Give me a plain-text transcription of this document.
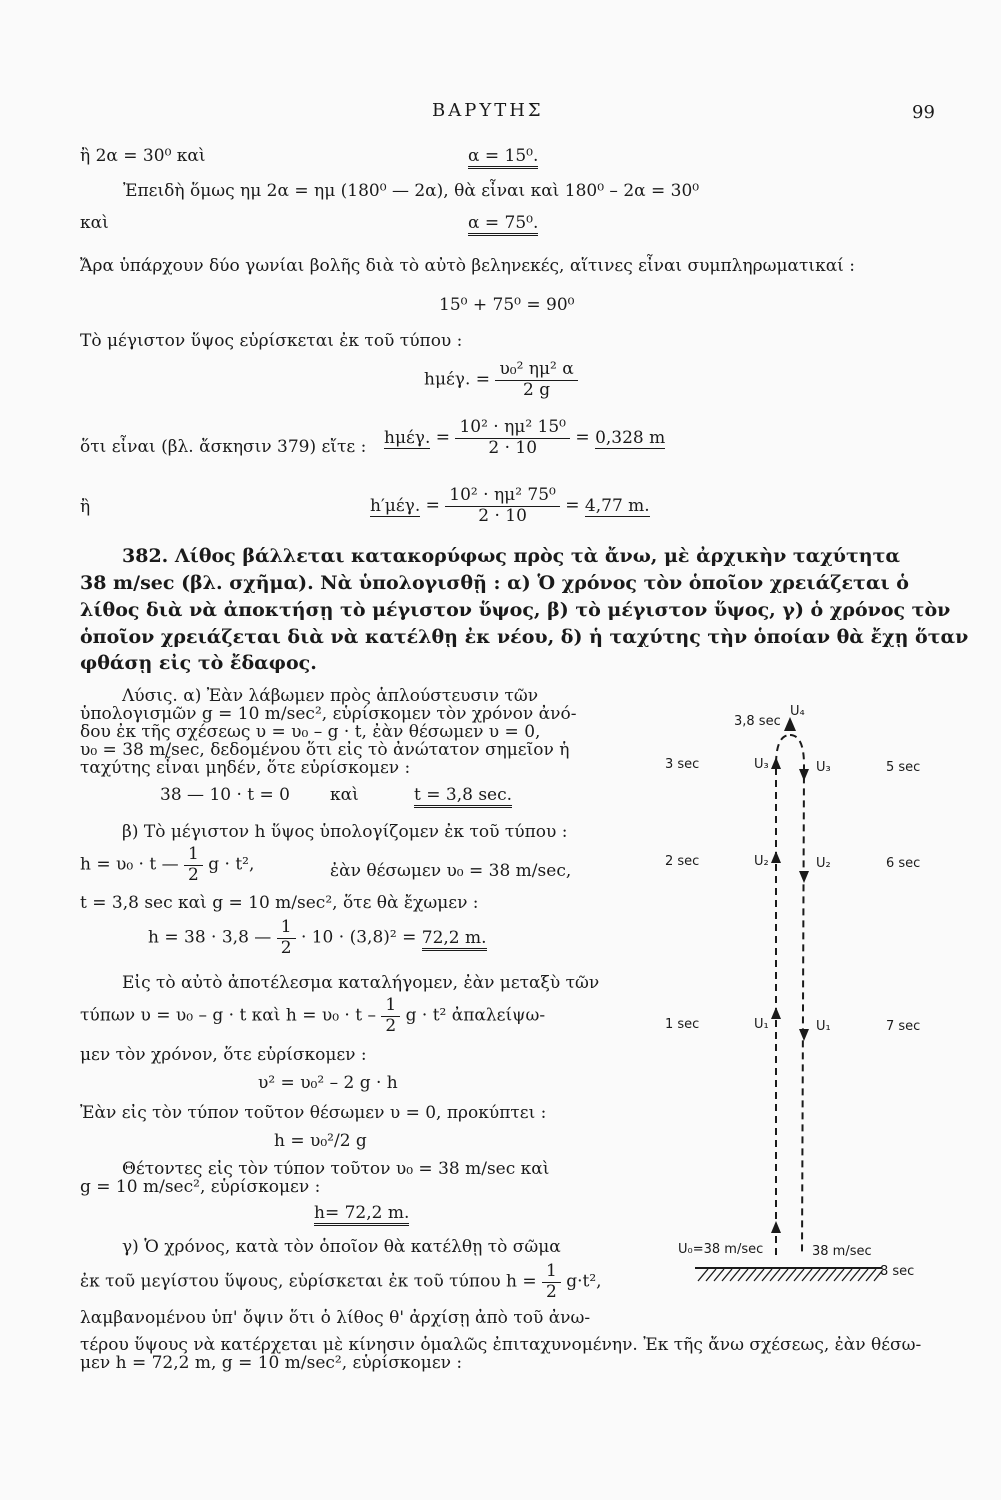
ΒΑΡΥΤΗΣ	99
ἢ 2α = 30⁰ καὶ	α = 15⁰.
Ἐπειδὴ ὅμως ημ 2α = ημ (180⁰ — 2α), θὰ εἶναι καὶ 180⁰ – 2α = 30⁰
καὶ	α = 75⁰.
Ἄρα ὑπάρχουν δύο γωνίαι βολῆς διὰ τὸ αὐτὸ βεληνεκές, αἵτινες εἶναι συμπληρωματικαί :
15⁰ + 75⁰ = 90⁰
Τὸ μέγιστον ὕψος εὑρίσκεται ἐκ τοῦ τύπου :
hμέγ. = $\frac{\text{υ₀² ημ² α}}{2 g}$
ὅτι εἶναι (βλ. ἄσκησιν 379) εἴτε : hμέγ. = $\frac{\text{10² · ημ² 15⁰}}{2 \cdot 10} = 0,328$ m
ἢ	h′μέγ. = $\frac{\text{10² · ημ² 75⁰}}{2 \cdot 10} = 4,77$ m.
382. Λίθος βάλλεται κατακορύφως πρὸς τὰ ἄνω, μὲ ἀρχικὴν ταχύτητα
38 m/sec (βλ. σχῆμα). Νὰ ὑπολογισθῇ : α) Ὁ χρόνος τὸν ὁποῖον χρειάζεται ὁ
λίθος διὰ νὰ ἀποκτήσῃ τὸ μέγιστον ὕψος, β) τὸ μέγιστον ὕψος, γ) ὁ χρόνος τὸν
ὁποῖον χρειάζεται διὰ νὰ κατέλθῃ ἐκ νέου, δ) ἡ ταχύτης τὴν ὁποίαν θὰ ἔχῃ ὅταν
φθάσῃ εἰς τὸ ἔδαφος.
Λύσις. α) Ἐὰν λάβωμεν πρὸς ἁπλούστευσιν τῶν
ὑπολογισμῶν g = 10 m/sec², εὑρίσκομεν τὸν χρόνον ἀνό-
δου ἐκ τῆς σχέσεως υ = υ₀ – g · t, ἐὰν θέσωμεν υ = 0,
υ₀ = 38 m/sec, δεδομένου ὅτι εἰς τὸ ἀνώτατον σημεῖον ἡ
ταχύτης εἶναι μηδέν, ὅτε εὑρίσκομεν :
38 — 10 · t = 0 καὶ	t = 3,8 sec.
β) Τὸ μέγιστον h ὕψος ὑπολογίζομεν ἐκ τοῦ τύπου :
h = υ₀ · t — $\frac{1}{2}$ g · t²,	ἐὰν θέσωμεν υ₀ = 38 m/sec,
t = 3,8 sec καὶ g = 10 m/sec², ὅτε θὰ ἔχωμεν :
h = 38 · 3,8 — $\frac{1}{2} \cdot 10 \cdot (3,8)^2 = 72,2$ m.
Εἰς τὸ αὐτὸ ἀποτέλεσμα καταλήγομεν, ἐὰν μεταξὺ τῶν
τύπων υ = υ₀ – g · t καὶ $h = \upsilon_0 \cdot t - \frac{1}{2}$ g · t² ἀπαλείψω-
μεν τὸν χρόνον, ὅτε εὑρίσκομεν :
υ² = υ₀² – 2 g · h
Ἐὰν εἰς τὸν τύπον τοῦτον θέσωμεν υ = 0, προκύπτει :
h = υ₀²/2 g
Θέτοντες εἰς τὸν τύπον τοῦτον υ₀ = 38 m/sec καὶ
g = 10 m/sec², εὑρίσκομεν :
h= 72,2 m.
γ) Ὁ χρόνος, κατὰ τὸν ὁποῖον θὰ κατέλθῃ τὸ σῶμα
ἐκ τοῦ μεγίστου ὕψους, εὑρίσκεται ἐκ τοῦ τύπου $h = \frac{1}{2} g\cdot t^2$,
λαμβανομένου ὑπ' ὄψιν ὅτι ὁ λίθος θ' ἀρχίσῃ ἀπὸ τοῦ ἀνω-
τέρου ὕψους νὰ κατέρχεται μὲ κίνησιν ὁμαλῶς ἐπιταχυνομένην. Ἐκ τῆς ἄνω σχέσεως, ἐὰν θέσω-
μεν h = 72,2 m, g = 10 m/sec², εὑρίσκομεν :
3,8 sec
U₄
3 sec	U₃	U₃	5 sec
2 sec	U₂	U₂	6 sec
1 sec	U₁	U₁	7 sec
U₀=38 m/sec	38 m/sec
8 sec
